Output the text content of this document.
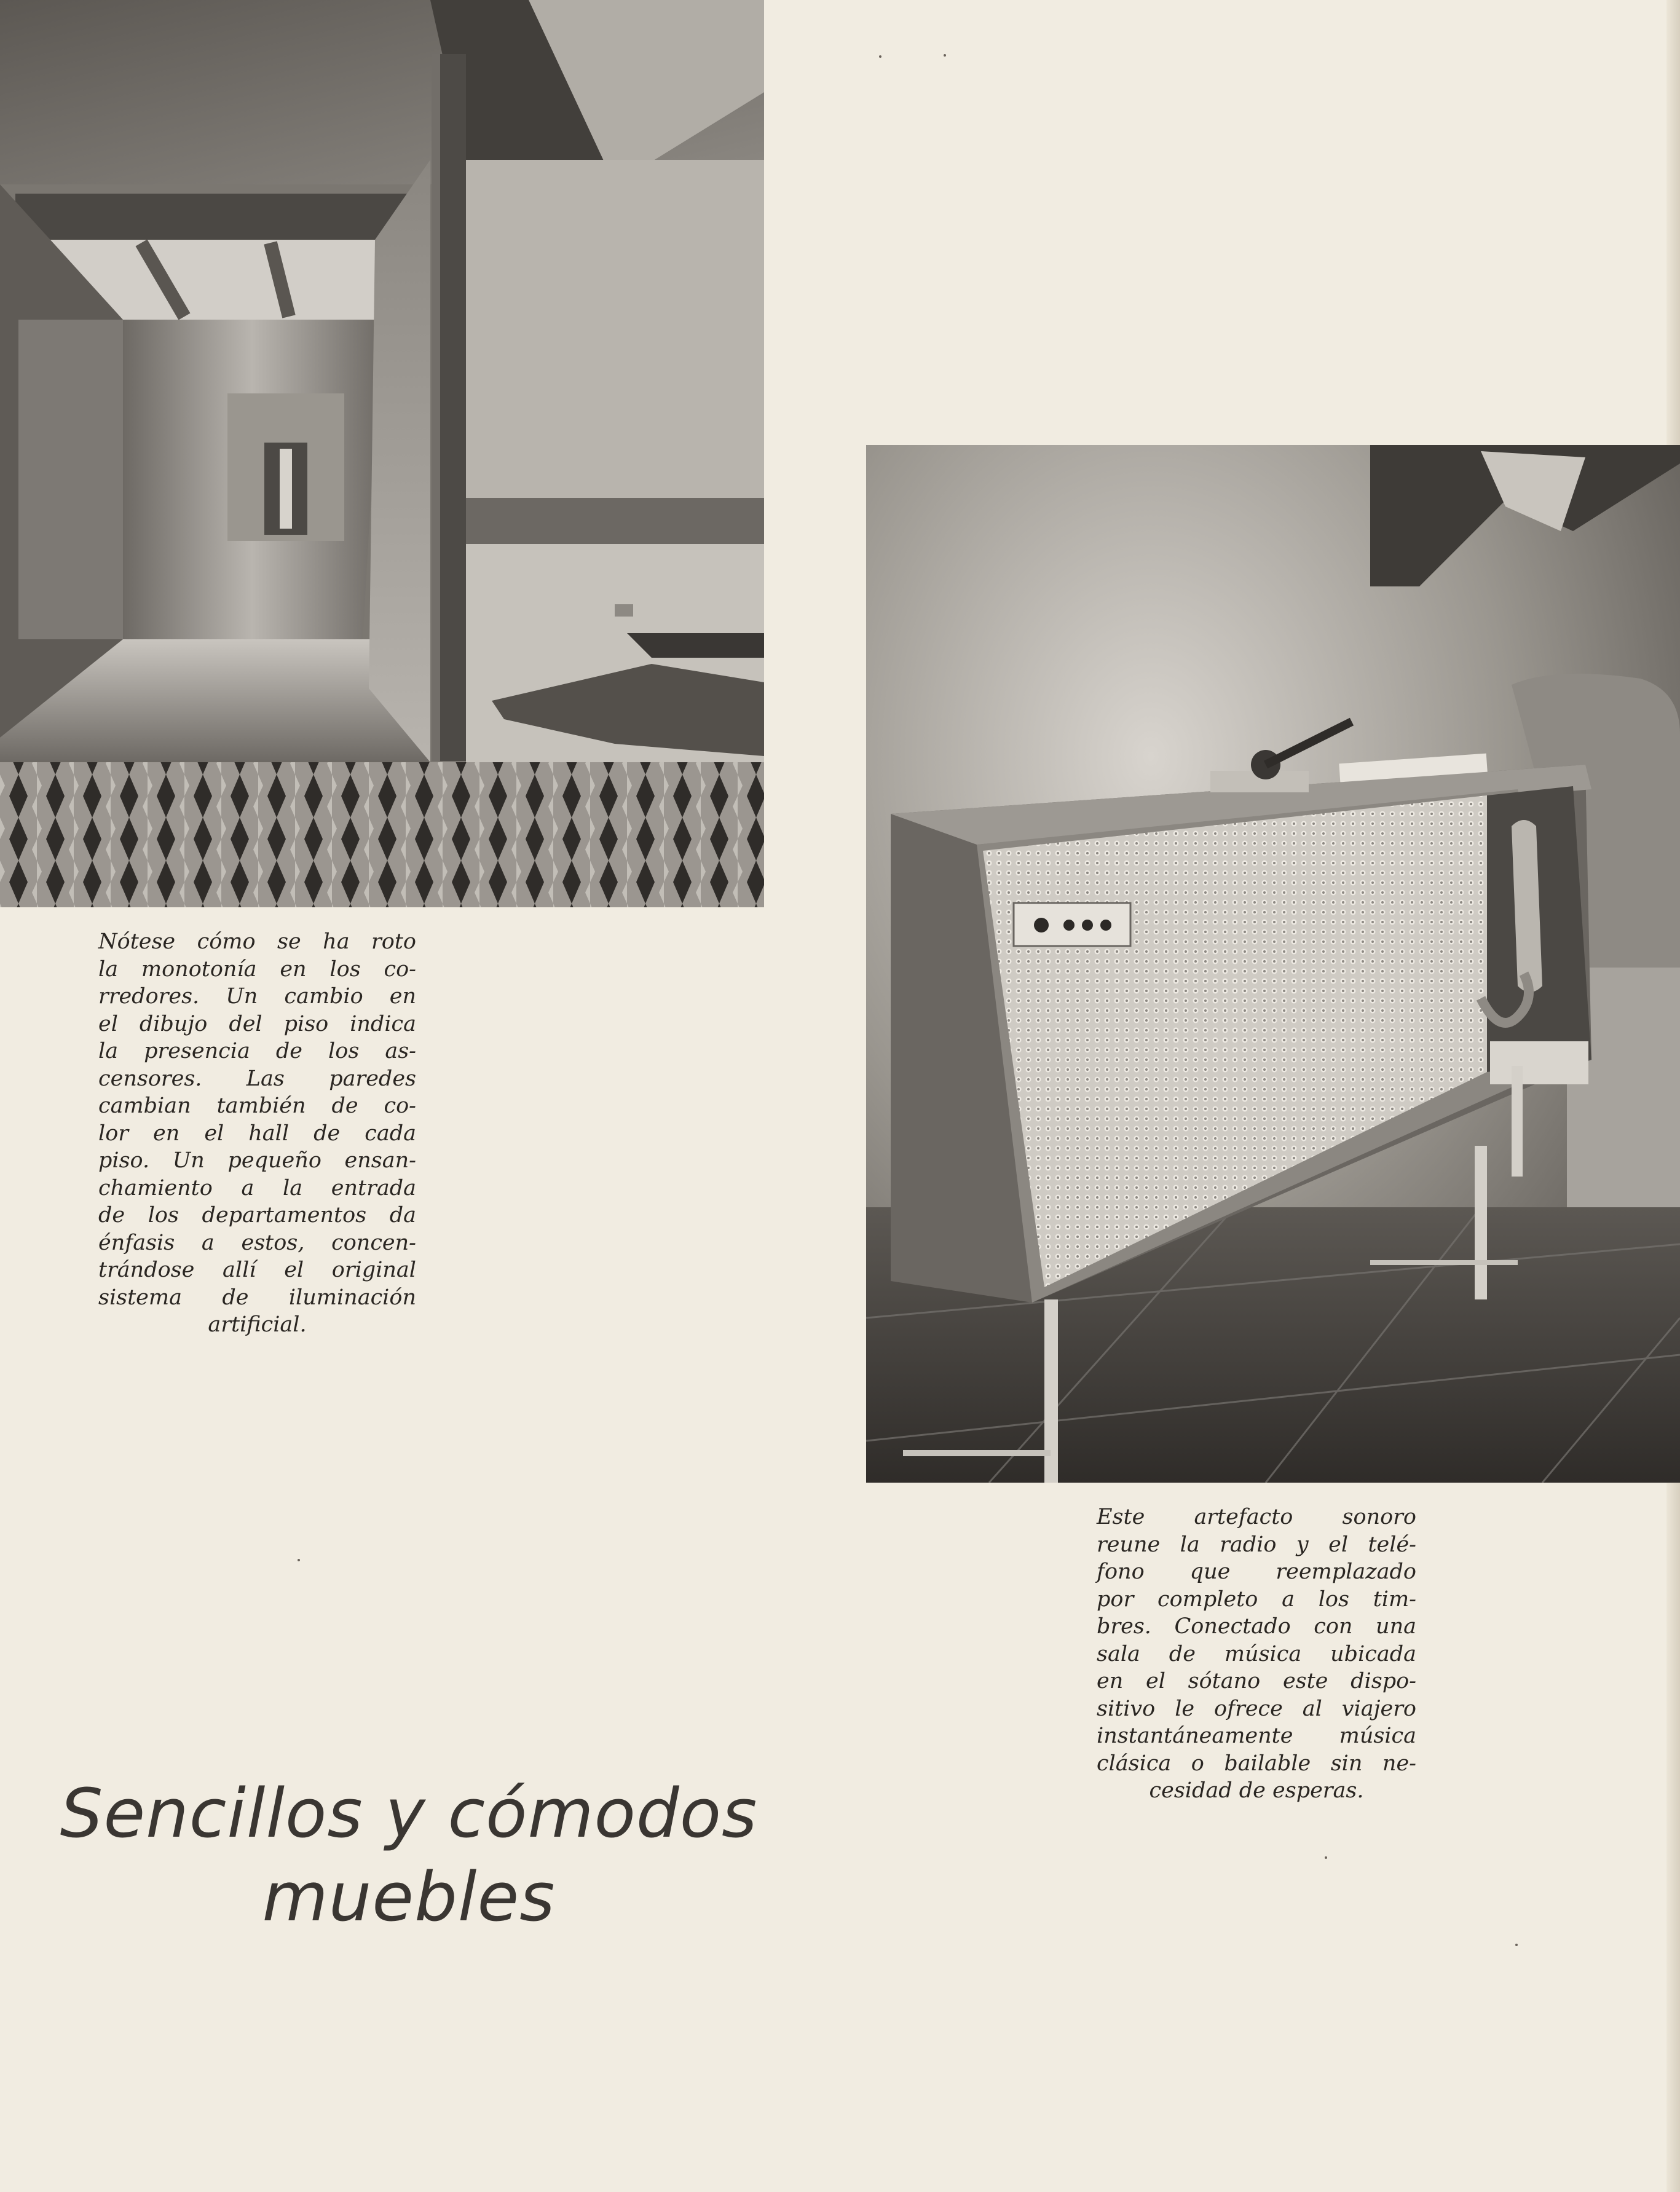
Nótese cómo se ha roto
la monotonía en los co-
rredores. Un cambio en
el dibujo del piso indica
la presencia de los as-
censores. Las paredes
cambian también de co-
lor en el hall de cada
piso. Un pequeño ensan-
chamiento a la entrada
de los departamentos da
énfasis a estos, concen-
trándose allí el original
sistema de iluminación
artificial.

Este artefacto sonoro
reune la radio y el telé-
fono que reemplazado
por completo a los tim-
bres. Conectado con una
sala de música ubicada
en el sótano este dispo-
sitivo le ofrece al viajero
instantáneamente música
clásica o bailable sin ne-
cesidad de esperas.

Sencillos y cómodos
muebles
